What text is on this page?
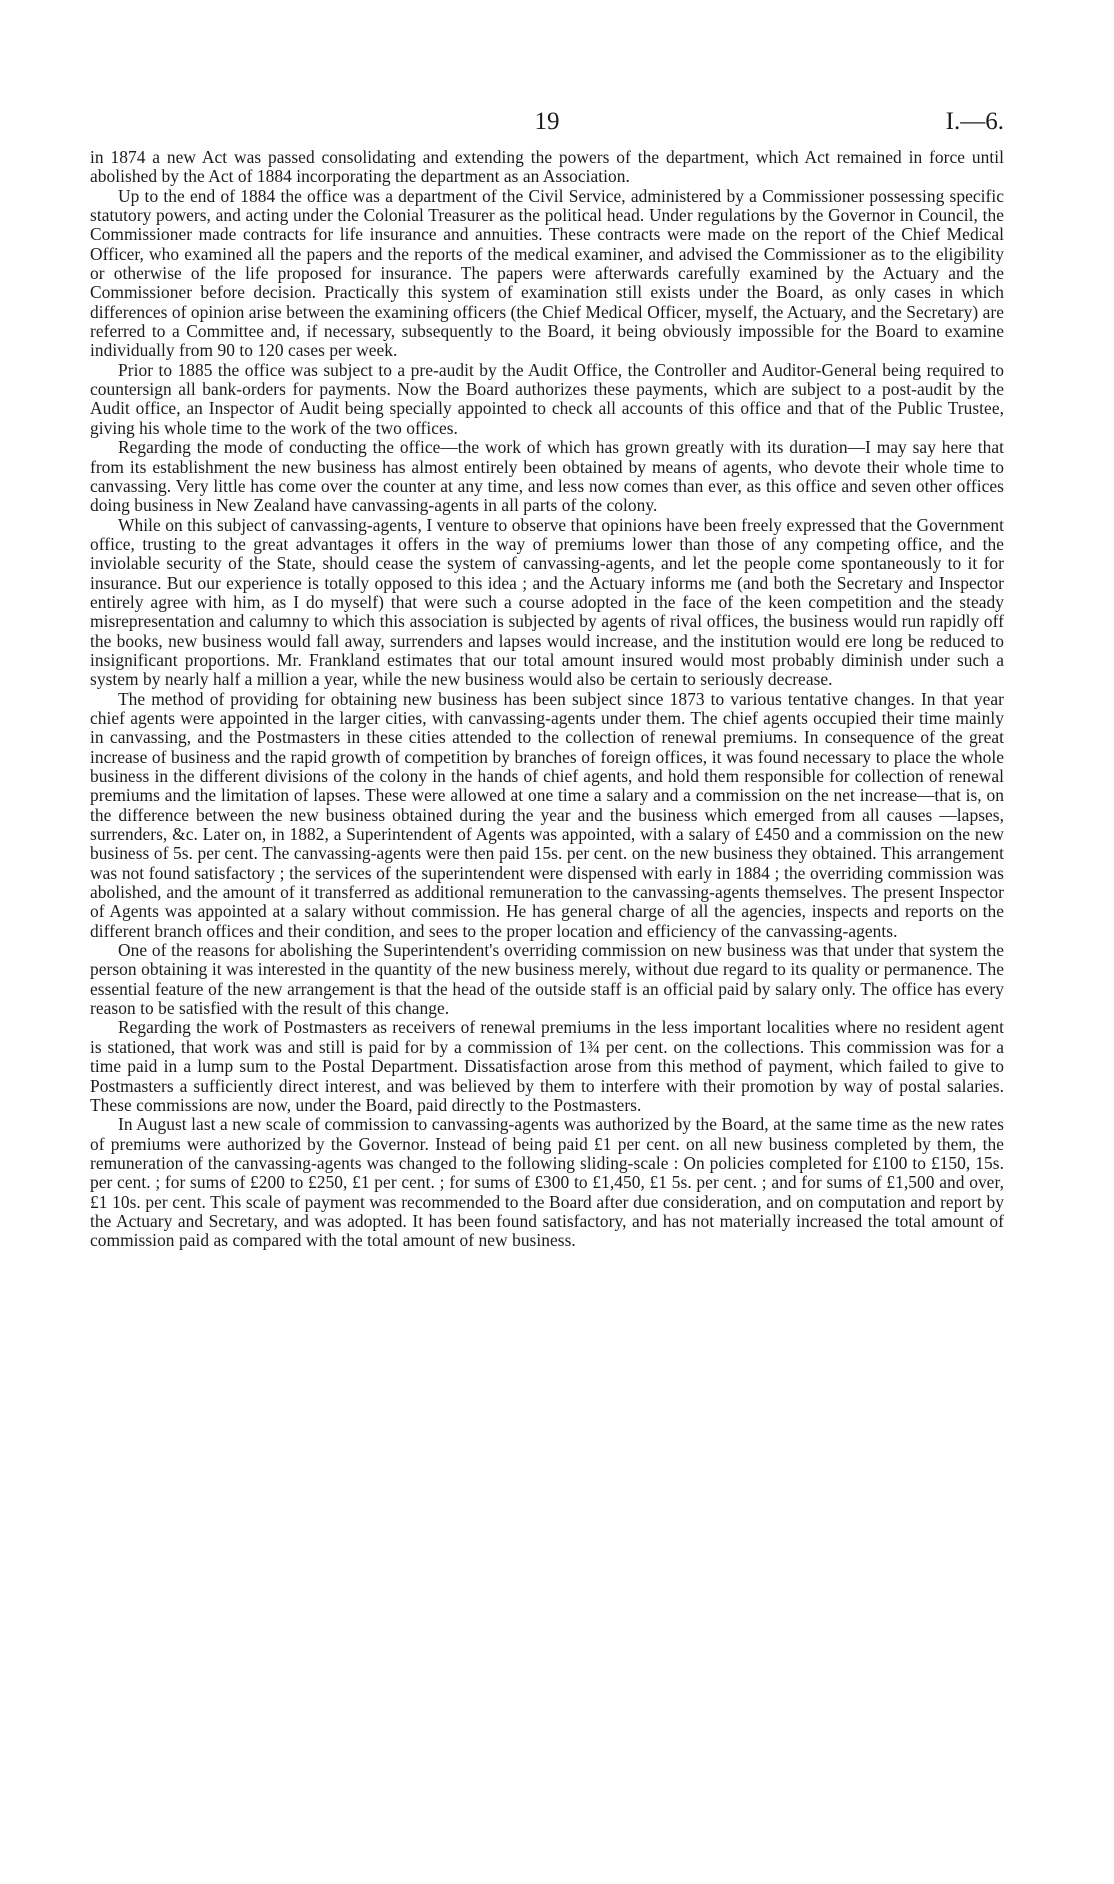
19	I.—6.

in 1874 a new Act was passed consolidating and extending the powers of the department, which Act remained in force until abolished by the Act of 1884 incorporating the department as an Association.

Up to the end of 1884 the office was a department of the Civil Service, administered by a Commissioner possessing specific statutory powers, and acting under the Colonial Treasurer as the political head. Under regulations by the Governor in Council, the Commissioner made contracts for life insurance and annuities. These contracts were made on the report of the Chief Medical Officer, who examined all the papers and the reports of the medical examiner, and advised the Commissioner as to the eligibility or otherwise of the life proposed for insurance. The papers were afterwards carefully examined by the Actuary and the Commissioner before decision. Practically this system of examination still exists under the Board, as only cases in which differences of opinion arise between the examining officers (the Chief Medical Officer, myself, the Actuary, and the Secretary) are referred to a Committee and, if necessary, subsequently to the Board, it being obviously impossible for the Board to examine individually from 90 to 120 cases per week.

Prior to 1885 the office was subject to a pre-audit by the Audit Office, the Controller and Auditor-General being required to countersign all bank-orders for payments. Now the Board authorizes these payments, which are subject to a post-audit by the Audit office, an Inspector of Audit being specially appointed to check all accounts of this office and that of the Public Trustee, giving his whole time to the work of the two offices.

Regarding the mode of conducting the office—the work of which has grown greatly with its duration—I may say here that from its establishment the new business has almost entirely been obtained by means of agents, who devote their whole time to canvassing. Very little has come over the counter at any time, and less now comes than ever, as this office and seven other offices doing business in New Zealand have canvassing-agents in all parts of the colony.

While on this subject of canvassing-agents, I venture to observe that opinions have been freely expressed that the Government office, trusting to the great advantages it offers in the way of premiums lower than those of any competing office, and the inviolable security of the State, should cease the system of canvassing-agents, and let the people come spontaneously to it for insurance. But our experience is totally opposed to this idea ; and the Actuary informs me (and both the Secretary and Inspector entirely agree with him, as I do myself) that were such a course adopted in the face of the keen competition and the steady misrepresentation and calumny to which this association is subjected by agents of rival offices, the business would run rapidly off the books, new business would fall away, surrenders and lapses would increase, and the institution would ere long be reduced to insignificant proportions. Mr. Frankland estimates that our total amount insured would most probably diminish under such a system by nearly half a million a year, while the new business would also be certain to seriously decrease.

The method of providing for obtaining new business has been subject since 1873 to various tentative changes. In that year chief agents were appointed in the larger cities, with canvassing-agents under them. The chief agents occupied their time mainly in canvassing, and the Postmasters in these cities attended to the collection of renewal premiums. In consequence of the great increase of business and the rapid growth of competition by branches of foreign offices, it was found necessary to place the whole business in the different divisions of the colony in the hands of chief agents, and hold them responsible for collection of renewal premiums and the limitation of lapses. These were allowed at one time a salary and a commission on the net increase—that is, on the difference between the new business obtained during the year and the business which emerged from all causes —lapses, surrenders, &c. Later on, in 1882, a Superintendent of Agents was appointed, with a salary of £450 and a commission on the new business of 5s. per cent. The canvassing-agents were then paid 15s. per cent. on the new business they obtained. This arrangement was not found satisfactory ; the services of the superintendent were dispensed with early in 1884 ; the overriding commission was abolished, and the amount of it transferred as additional remuneration to the canvassing-agents themselves. The present Inspector of Agents was appointed at a salary without commission. He has general charge of all the agencies, inspects and reports on the different branch offices and their condition, and sees to the proper location and efficiency of the canvassing-agents.

One of the reasons for abolishing the Superintendent's overriding commission on new business was that under that system the person obtaining it was interested in the quantity of the new business merely, without due regard to its quality or permanence. The essential feature of the new arrangement is that the head of the outside staff is an official paid by salary only. The office has every reason to be satisfied with the result of this change.

Regarding the work of Postmasters as receivers of renewal premiums in the less important localities where no resident agent is stationed, that work was and still is paid for by a commission of 1¾ per cent. on the collections. This commission was for a time paid in a lump sum to the Postal Department. Dissatisfaction arose from this method of payment, which failed to give to Postmasters a sufficiently direct interest, and was believed by them to interfere with their promotion by way of postal salaries. These commissions are now, under the Board, paid directly to the Postmasters.

In August last a new scale of commission to canvassing-agents was authorized by the Board, at the same time as the new rates of premiums were authorized by the Governor. Instead of being paid £1 per cent. on all new business completed by them, the remuneration of the canvassing-agents was changed to the following sliding-scale : On policies completed for £100 to £150, 15s. per cent. ; for sums of £200 to £250, £1 per cent. ; for sums of £300 to £1,450, £1 5s. per cent. ; and for sums of £1,500 and over, £1 10s. per cent. This scale of payment was recommended to the Board after due consideration, and on computation and report by the Actuary and Secretary, and was adopted. It has been found satisfactory, and has not materially increased the total amount of commission paid as compared with the total amount of new business.
